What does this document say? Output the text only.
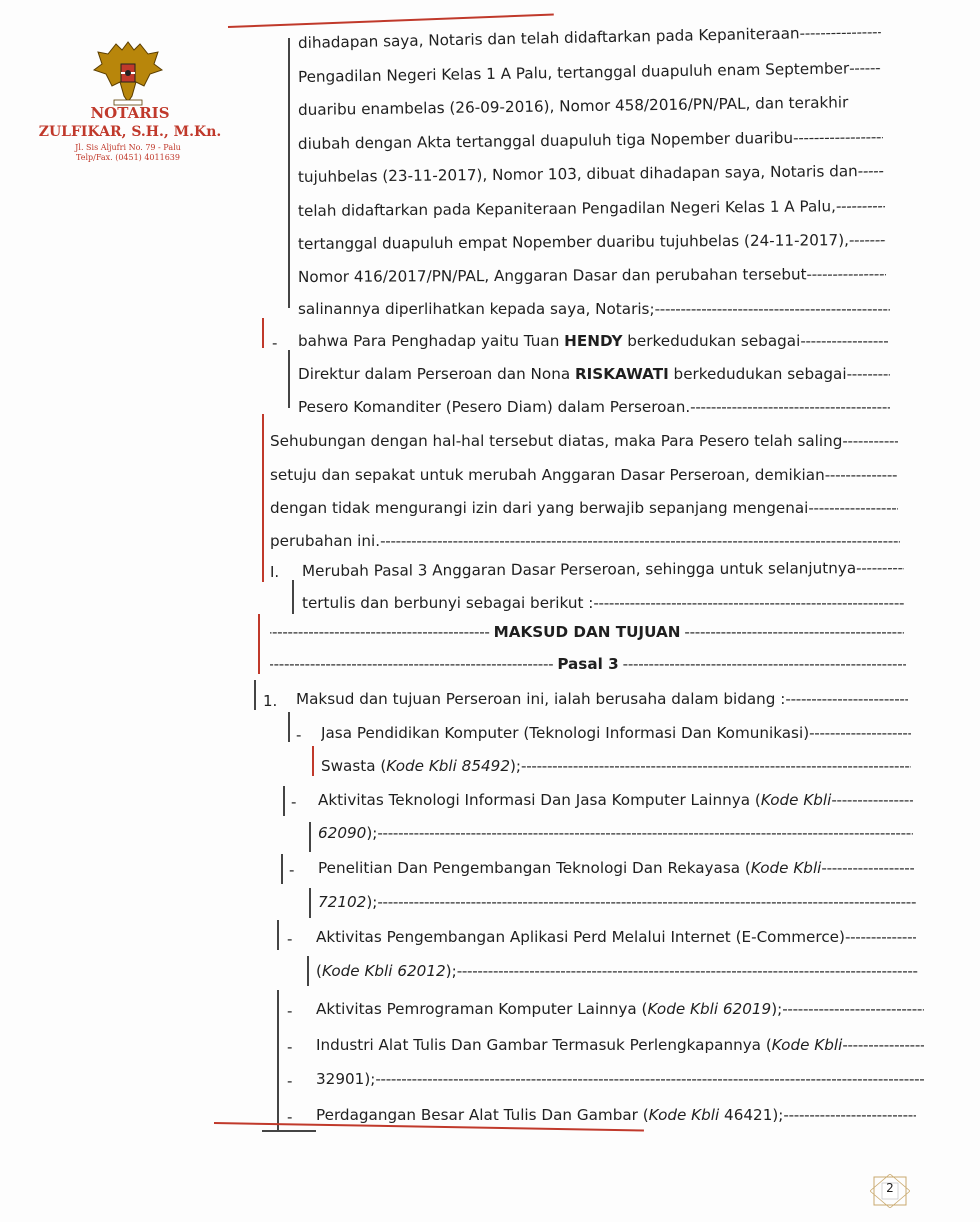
NOTARIS
ZULFIKAR, S.H., M.Kn.
Jl. Sis Aljufri No. 79 - Palu
Telp/Fax. (0451) 4011639
dihadapan saya, Notaris dan telah didaftarkan pada Kepaniteraan
-----
Pengadilan Negeri Kelas 1 A Palu, tertanggal duapuluh enam September
-----
duaribu enambelas (26-09-2016), Nomor 458/2016/PN/PAL, dan terakhir
diubah dengan Akta tertanggal duapuluh tiga Nopember duaribu
-----
tujuhbelas (23-11-2017), Nomor 103, dibuat dihadapan saya, Notaris dan
-----
telah didaftarkan pada Kepaniteraan Pengadilan Negeri Kelas 1 A Palu,
-----
tertanggal duapuluh empat Nopember duaribu tujuhbelas (24-11-2017),
-----
Nomor 416/2017/PN/PAL, Anggaran Dasar dan perubahan tersebut
-----
salinannya diperlihatkan kepada saya, Notaris;
-----
- bahwa Para Penghadap yaitu Tuan HENDY berkedudukan sebagai
-----
Direktur dalam Perseroan dan Nona RISKAWATI berkedudukan sebagai
-----
Pesero Komanditer (Pesero Diam) dalam Perseroan.
-----
Sehubungan dengan hal-hal tersebut diatas, maka Para Pesero telah saling
-----
setuju dan sepakat untuk merubah Anggaran Dasar Perseroan, demikian
-----
dengan tidak mengurangi izin dari yang berwajib sepanjang mengenai
-----
perubahan ini.
-----
I. Merubah Pasal 3 Anggaran Dasar Perseroan, sehingga untuk selanjutnya
-----
tertulis dan berbunyi sebagai berikut :
-----
-----
MAKSUD DAN TUJUAN
-----
-----
Pasal 3
-----
1. Maksud dan tujuan Perseroan ini, ialah berusaha dalam bidang :
-----
- Jasa Pendidikan Komputer (Teknologi Informasi Dan Komunikasi)
-----
Swasta (Kode Kbli 85492);
-----
- Aktivitas Teknologi Informasi Dan Jasa Komputer Lainnya (Kode Kbli
-----
62090);
-----
- Penelitian Dan Pengembangan Teknologi Dan Rekayasa (Kode Kbli
-----
72102);
-----
- Aktivitas Pengembangan Aplikasi Perd Melalui Internet (E-Commerce)
-----
(Kode Kbli 62012);
-----
- Aktivitas Pemrograman Komputer Lainnya (Kode Kbli 62019);
-----
- Industri Alat Tulis Dan Gambar Termasuk Perlengkapannya (Kode Kbli
-----
- 32901);
-----
- Perdagangan Besar Alat Tulis Dan Gambar (Kode Kbli 46421);
-----
2
